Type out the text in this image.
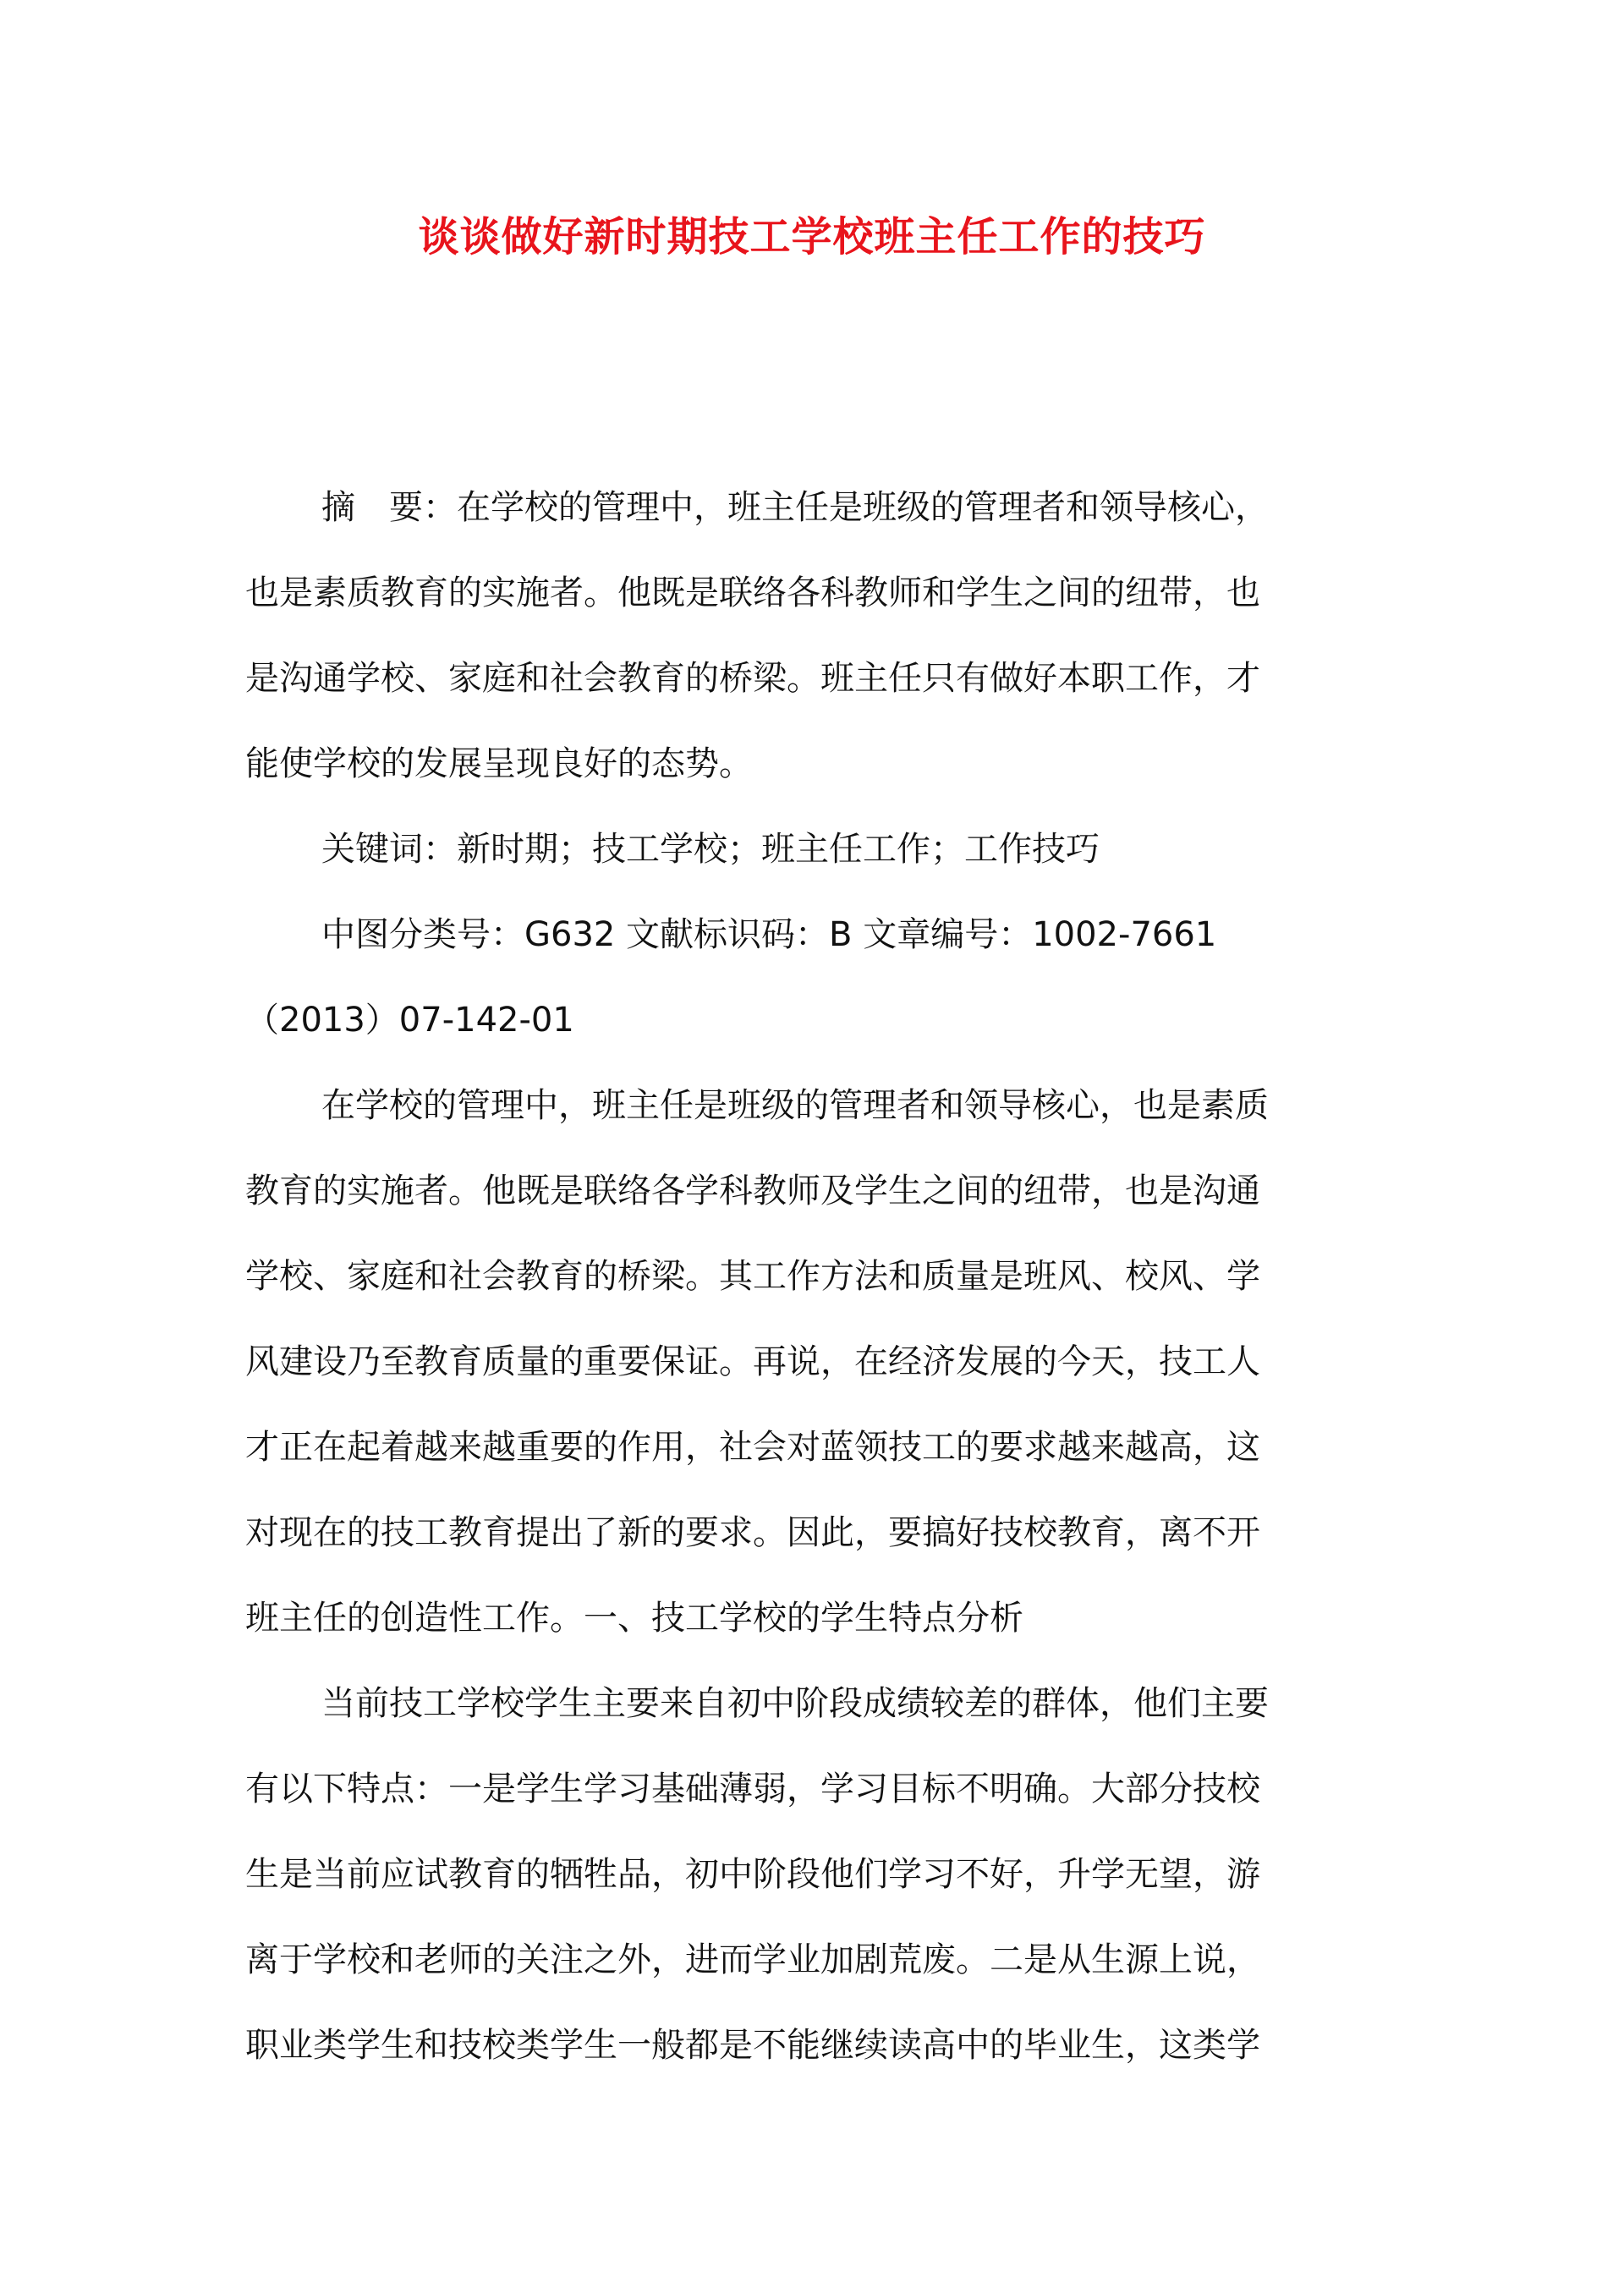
谈谈做好新时期技工学校班主任工作的技巧
摘　要：在学校的管理中，班主任是班级的管理者和领导核心，
也是素质教育的实施者。他既是联络各科教师和学生之间的纽带，也
是沟通学校、家庭和社会教育的桥梁。班主任只有做好本职工作，才
能使学校的发展呈现良好的态势。
关键词：新时期；技工学校；班主任工作；工作技巧
中图分类号：G632 文献标识码：B 文章编号：1002-7661
（2013）07-142-01
在学校的管理中，班主任是班级的管理者和领导核心，也是素质
教育的实施者。他既是联络各学科教师及学生之间的纽带，也是沟通
学校、家庭和社会教育的桥梁。其工作方法和质量是班风、校风、学
风建设乃至教育质量的重要保证。再说，在经济发展的今天，技工人
才正在起着越来越重要的作用，社会对蓝领技工的要求越来越高，这
对现在的技工教育提出了新的要求。因此，要搞好技校教育，离不开
班主任的创造性工作。一、技工学校的学生特点分析
当前技工学校学生主要来自初中阶段成绩较差的群体，他们主要
有以下特点：一是学生学习基础薄弱，学习目标不明确。大部分技校
生是当前应试教育的牺牲品，初中阶段他们学习不好，升学无望，游
离于学校和老师的关注之外，进而学业加剧荒废。二是从生源上说，
职业类学生和技校类学生一般都是不能继续读高中的毕业生，这类学
